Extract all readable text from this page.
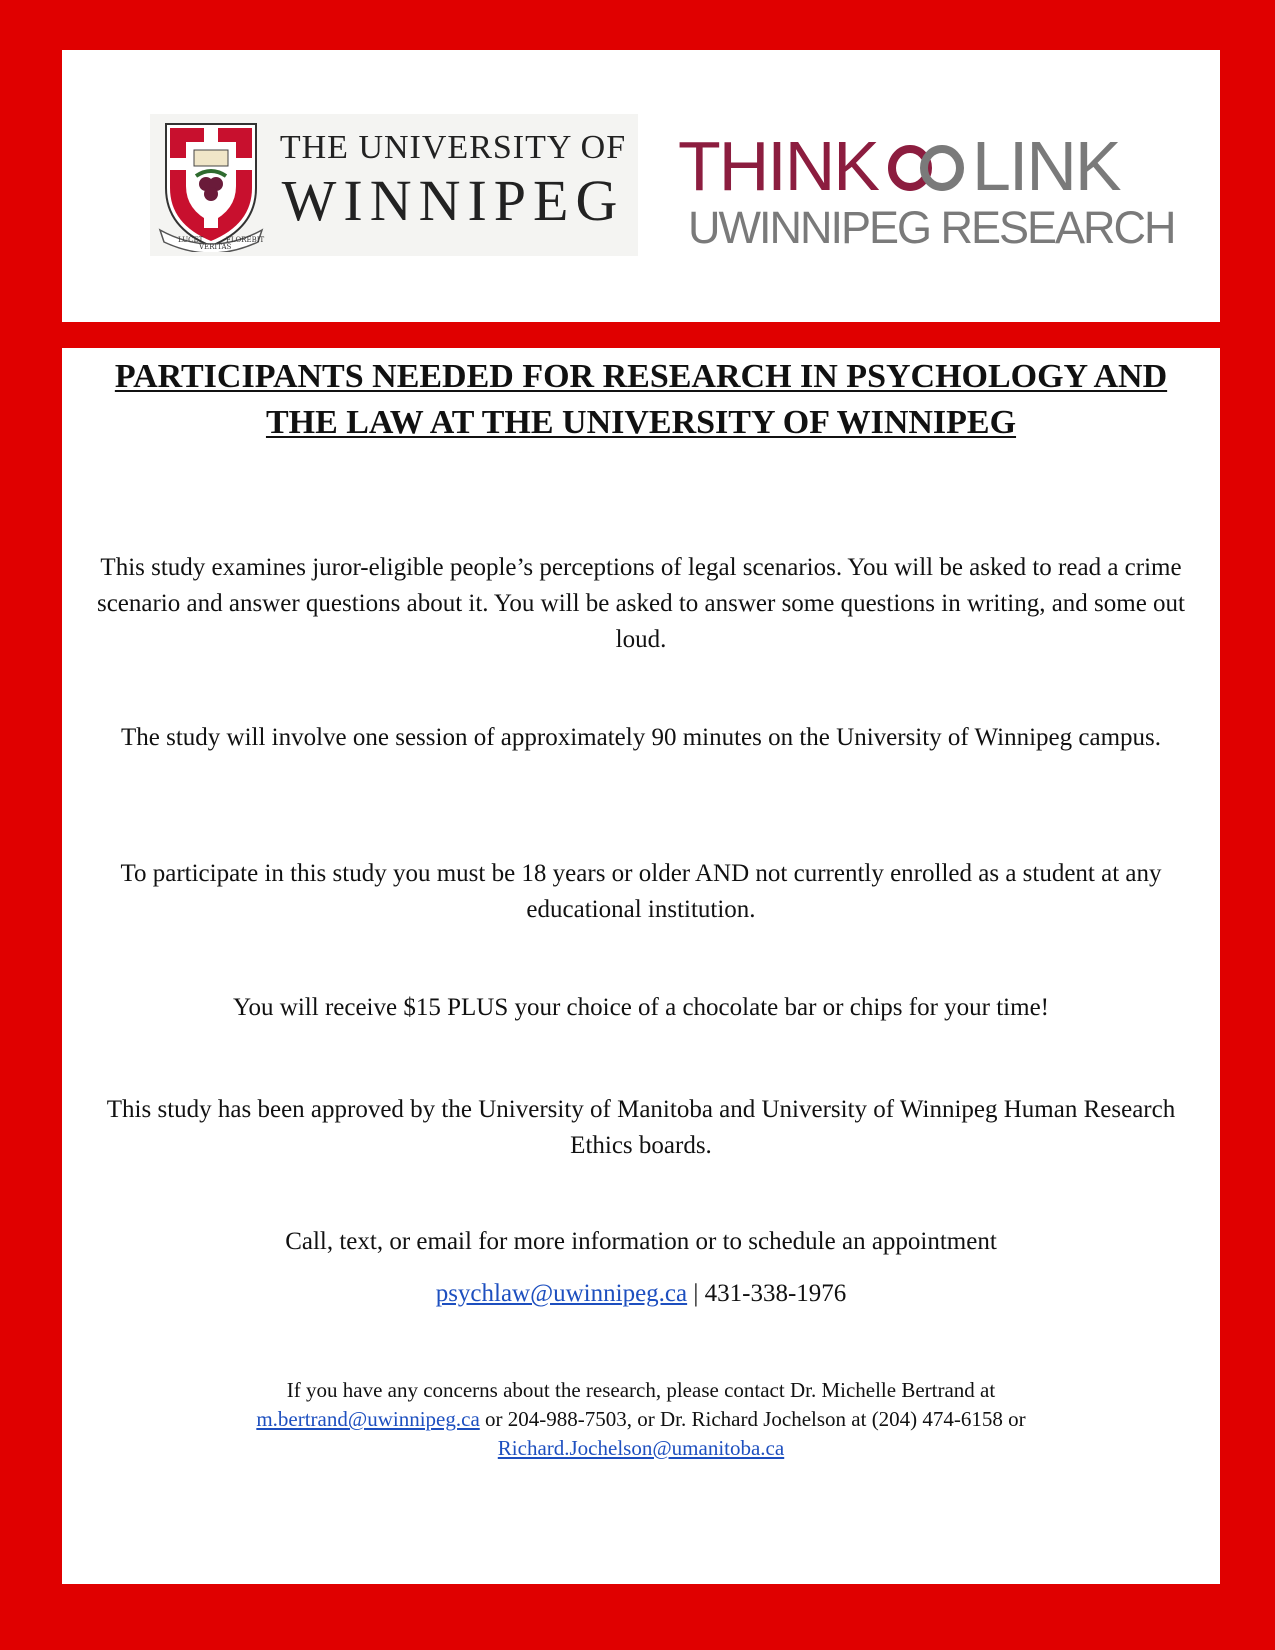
LUCET
VERITAS
FLOREBIT
THE UNIVERSITY OF
WINNIPEG THINK LINK
UWINNIPEG RESEARCH
PARTICIPANTS NEEDED FOR RESEARCH IN PSYCHOLOGY AND THE LAW AT THE UNIVERSITY OF WINNIPEG
This study examines juror-eligible people’s perceptions of legal scenarios. You will be asked to read a crime scenario and answer questions about it. You will be asked to answer some questions in writing, and some out loud.
The study will involve one session of approximately 90 minutes on the University of Winnipeg campus.
To participate in this study you must be 18 years or older AND not currently enrolled as a student at any educational institution.
You will receive $15 PLUS your choice of a chocolate bar or chips for your time!
This study has been approved by the University of Manitoba and University of Winnipeg Human Research Ethics boards.
Call, text, or email for more information or to schedule an appointment
psychlaw@uwinnipeg.ca | 431-338-1976
If you have any concerns about the research, please contact Dr. Michelle Bertrand at
m.bertrand@uwinnipeg.ca or 204-988-7503, or Dr. Richard Jochelson at (204) 474-6158 or
Richard.Jochelson@umanitoba.ca
